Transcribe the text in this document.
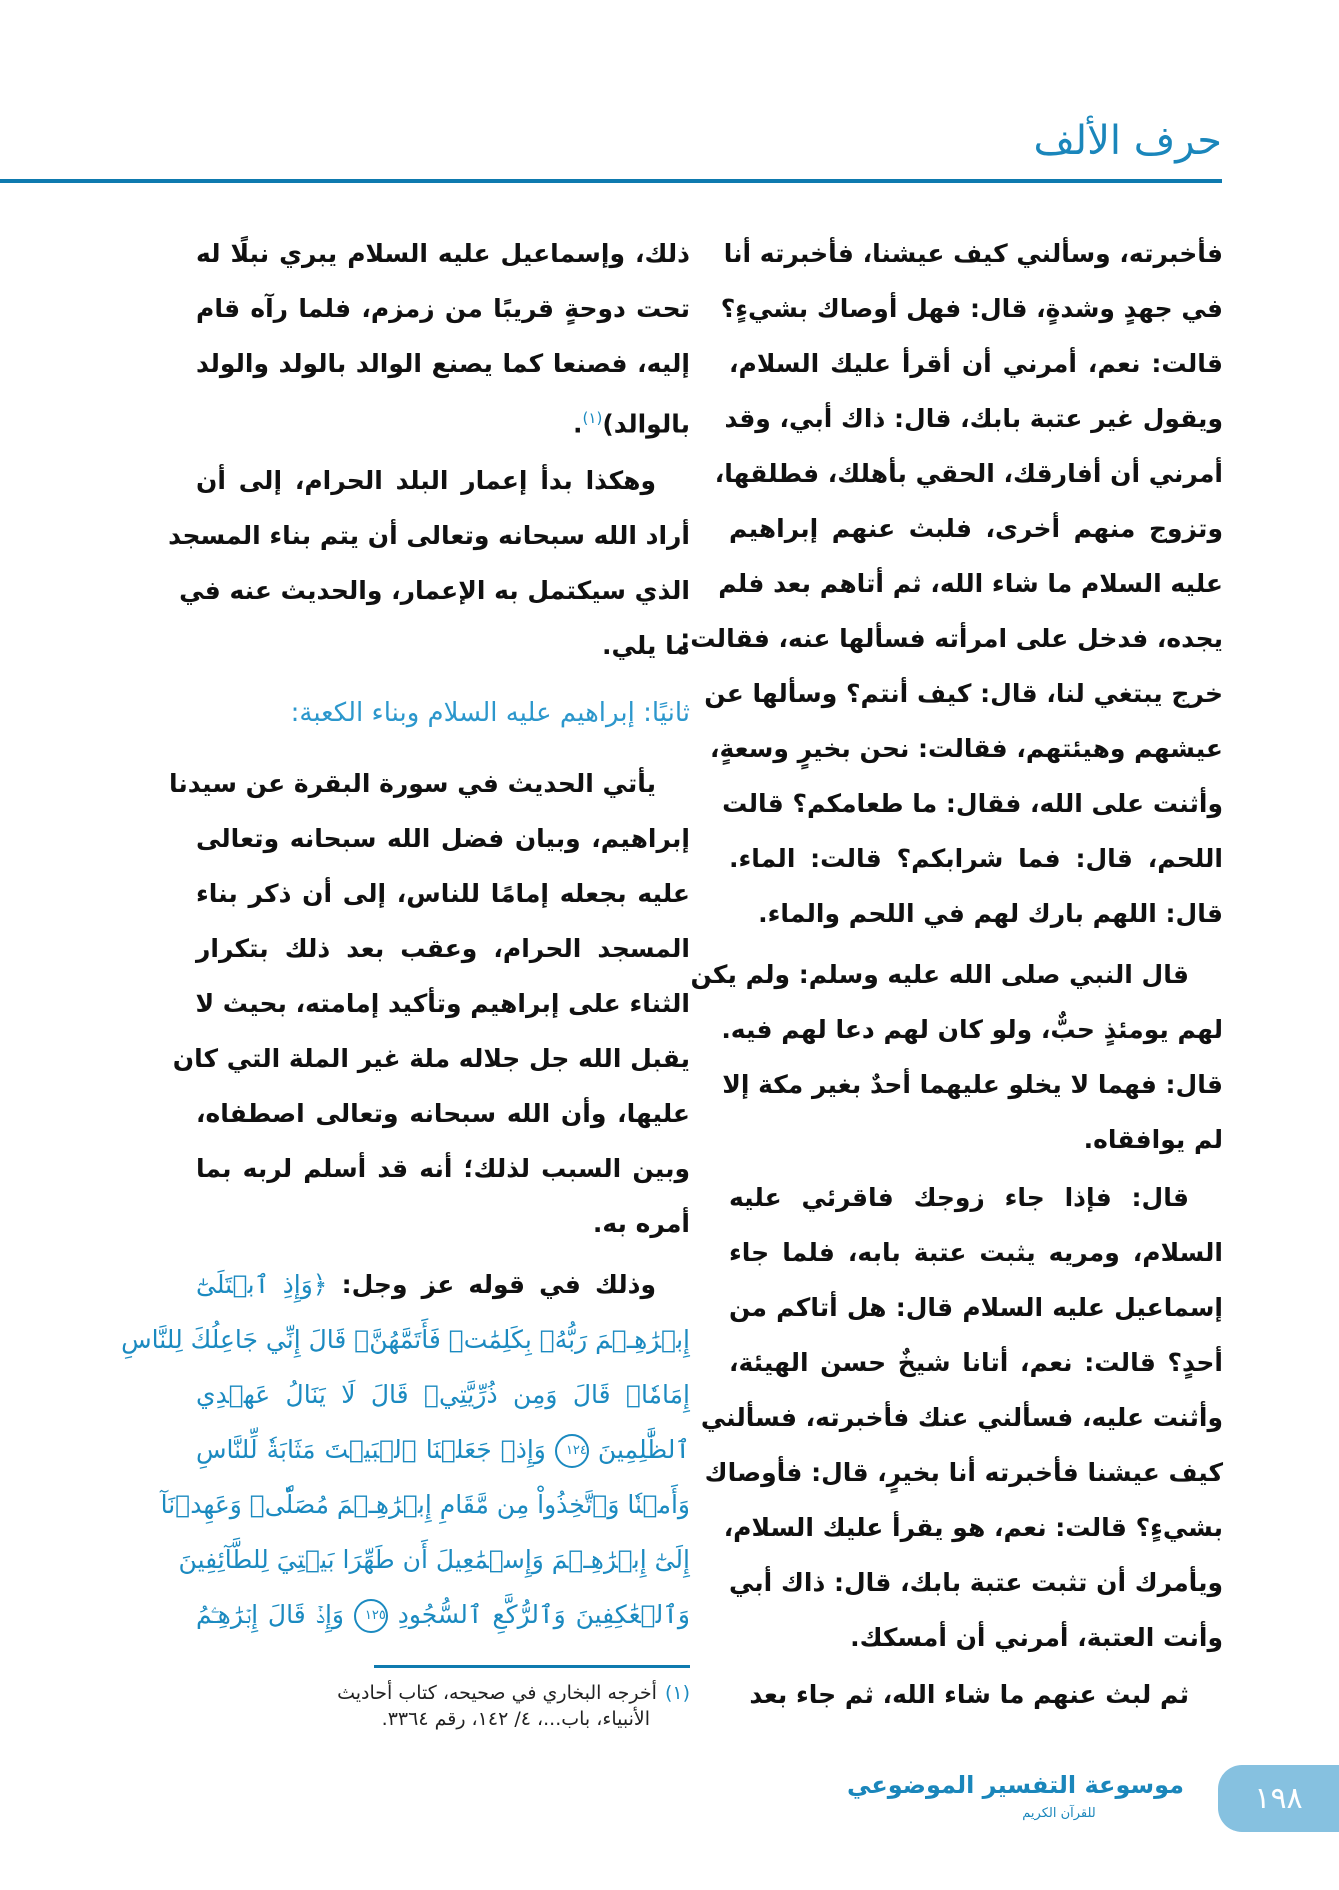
حرف الألف
فأخبرته، وسألني كيف عيشنا، فأخبرته أنا
في جهدٍ وشدةٍ، قال: فهل أوصاك بشيءٍ؟
قالت: نعم، أمرني أن أقرأ عليك السلام،
ويقول غير عتبة بابك، قال: ذاك أبي، وقد
أمرني أن أفارقك، الحقي بأهلك، فطلقها،
وتزوج منهم أخرى، فلبث عنهم إبراهيم
عليه السلام ما شاء الله، ثم أتاهم بعد فلم
يجده، فدخل على امرأته فسألها عنه، فقالت:
خرج يبتغي لنا، قال: كيف أنتم؟ وسألها عن
عيشهم وهيئتهم، فقالت: نحن بخيرٍ وسعةٍ،
وأثنت على الله، فقال: ما طعامكم؟ قالت
اللحم، قال: فما شرابكم؟ قالت: الماء.
قال: اللهم بارك لهم في اللحم والماء.
قال النبي صلى الله عليه وسلم: ولم يكن
لهم يومئذٍ حبٌّ، ولو كان لهم دعا لهم فيه.
قال: فهما لا يخلو عليهما أحدٌ بغير مكة إلا
لم يوافقاه.
قال: فإذا جاء زوجك فاقرئي عليه
السلام، ومريه يثبت عتبة بابه، فلما جاء
إسماعيل عليه السلام قال: هل أتاكم من
أحدٍ؟ قالت: نعم، أتانا شيخٌ حسن الهيئة،
وأثنت عليه، فسألني عنك فأخبرته، فسألني
كيف عيشنا فأخبرته أنا بخيرٍ، قال: فأوصاك
بشيءٍ؟ قالت: نعم، هو يقرأ عليك السلام،
ويأمرك أن تثبت عتبة بابك، قال: ذاك أبي
وأنت العتبة، أمرني أن أمسكك.
ثم لبث عنهم ما شاء الله، ثم جاء بعد
ذلك، وإسماعيل عليه السلام يبري نبلًا له
تحت دوحةٍ قريبًا من زمزم، فلما رآه قام
إليه، فصنعا كما يصنع الوالد بالولد والولد
بالوالد)$^{(١)}$.
وهكذا بدأ إعمار البلد الحرام، إلى أن
أراد الله سبحانه وتعالى أن يتم بناء المسجد
الذي سيكتمل به الإعمار، والحديث عنه في
ما يلي.
ثانيًا: إبراهيم عليه السلام وبناء الكعبة:
يأتي الحديث في سورة البقرة عن سيدنا
إبراهيم، وبيان فضل الله سبحانه وتعالى
عليه بجعله إمامًا للناس، إلى أن ذكر بناء
المسجد الحرام، وعقب بعد ذلك بتكرار
الثناء على إبراهيم وتأكيد إمامته، بحيث لا
يقبل الله جل جلاله ملة غير الملة التي كان
عليها، وأن الله سبحانه وتعالى اصطفاه،
وبين السبب لذلك؛ أنه قد أسلم لربه بما
أمره به.
وذلك في قوله عز وجل: ﴿وَإِذِ ٱبۡتَلَىٰٓ
إِبۡرَٰهِـۧمَ رَبُّهُۥ بِكَلِمَٰتٖ فَأَتَمَّهُنَّۖ قَالَ إِنِّي جَاعِلُكَ لِلنَّاسِ
إِمَامٗاۖ قَالَ وَمِن ذُرِّيَّتِيۖ قَالَ لَا يَنَالُ عَهۡدِي
ٱلظَّٰلِمِينَ ١٢٤ وَإِذۡ جَعَلۡنَا ٱلۡبَيۡتَ مَثَابَةٗ لِّلنَّاسِ
وَأَمۡنٗا وَٱتَّخِذُواْ مِن مَّقَامِ إِبۡرَٰهِـۧمَ مُصَلّٗىۖ وَعَهِدۡنَآ
إِلَىٰٓ إِبۡرَٰهِـۧمَ وَإِسۡمَٰعِيلَ أَن طَهِّرَا بَيۡتِيَ لِلطَّآئِفِينَ
وَٱلۡعَٰكِفِينَ وَٱلرُّكَّعِ ٱلسُّجُودِ ١٢٥ وَإِذۡ قَالَ إِبۡرَٰهِـۧمُ
(١)أخرجه البخاري في صحيحه، كتاب أحاديث
الأنبياء، باب...، ٤/ ١٤٢، رقم ٣٣٦٤.
موسوعة التفسير الموضوعي
للقرآن الكريم	١٩٨
